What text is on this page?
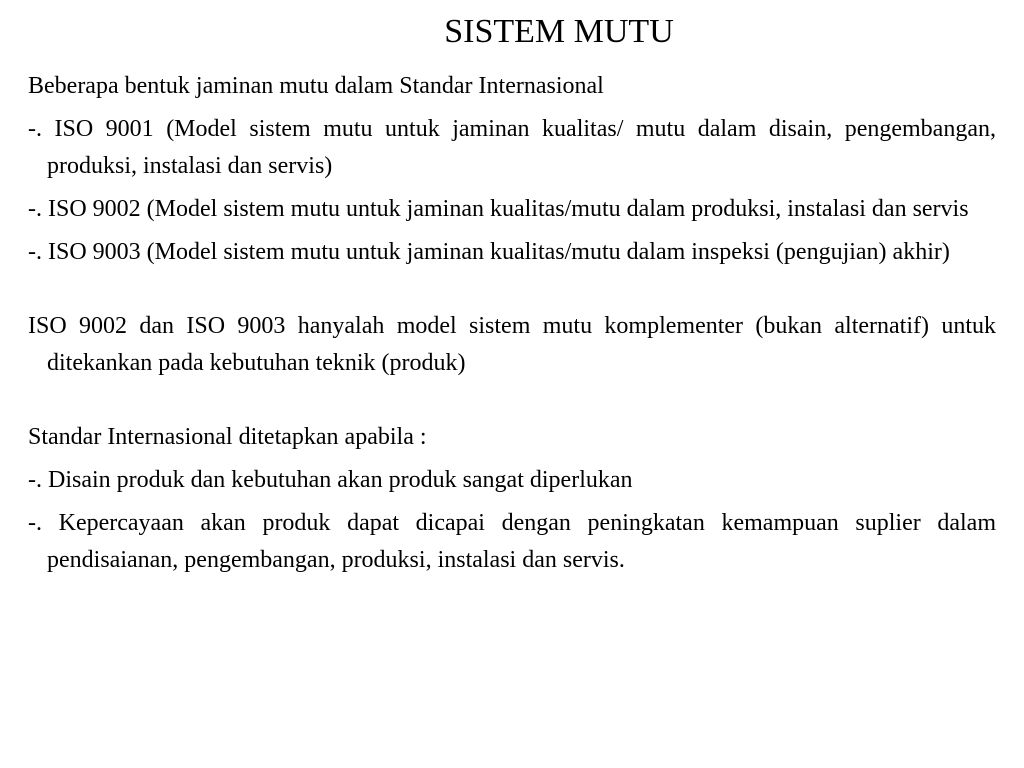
SISTEM MUTU

Beberapa bentuk jaminan mutu dalam Standar Internasional

-. ISO 9001 (Model sistem mutu untuk jaminan kualitas/ mutu dalam disain, pengembangan, produksi, instalasi dan servis)

-. ISO 9002 (Model sistem mutu untuk jaminan kualitas/mutu dalam produksi, instalasi dan servis

-. ISO 9003 (Model sistem mutu untuk jaminan kualitas/mutu dalam inspeksi (pengujian) akhir)

ISO 9002 dan ISO 9003 hanyalah model sistem mutu komplementer (bukan alternatif) untuk ditekankan pada kebutuhan teknik (produk)

Standar Internasional ditetapkan apabila :

-. Disain produk dan kebutuhan akan produk sangat diperlukan

-. Kepercayaan akan produk dapat dicapai dengan peningkatan kemampuan suplier dalam pendisaianan, pengembangan, produksi, instalasi dan servis.
